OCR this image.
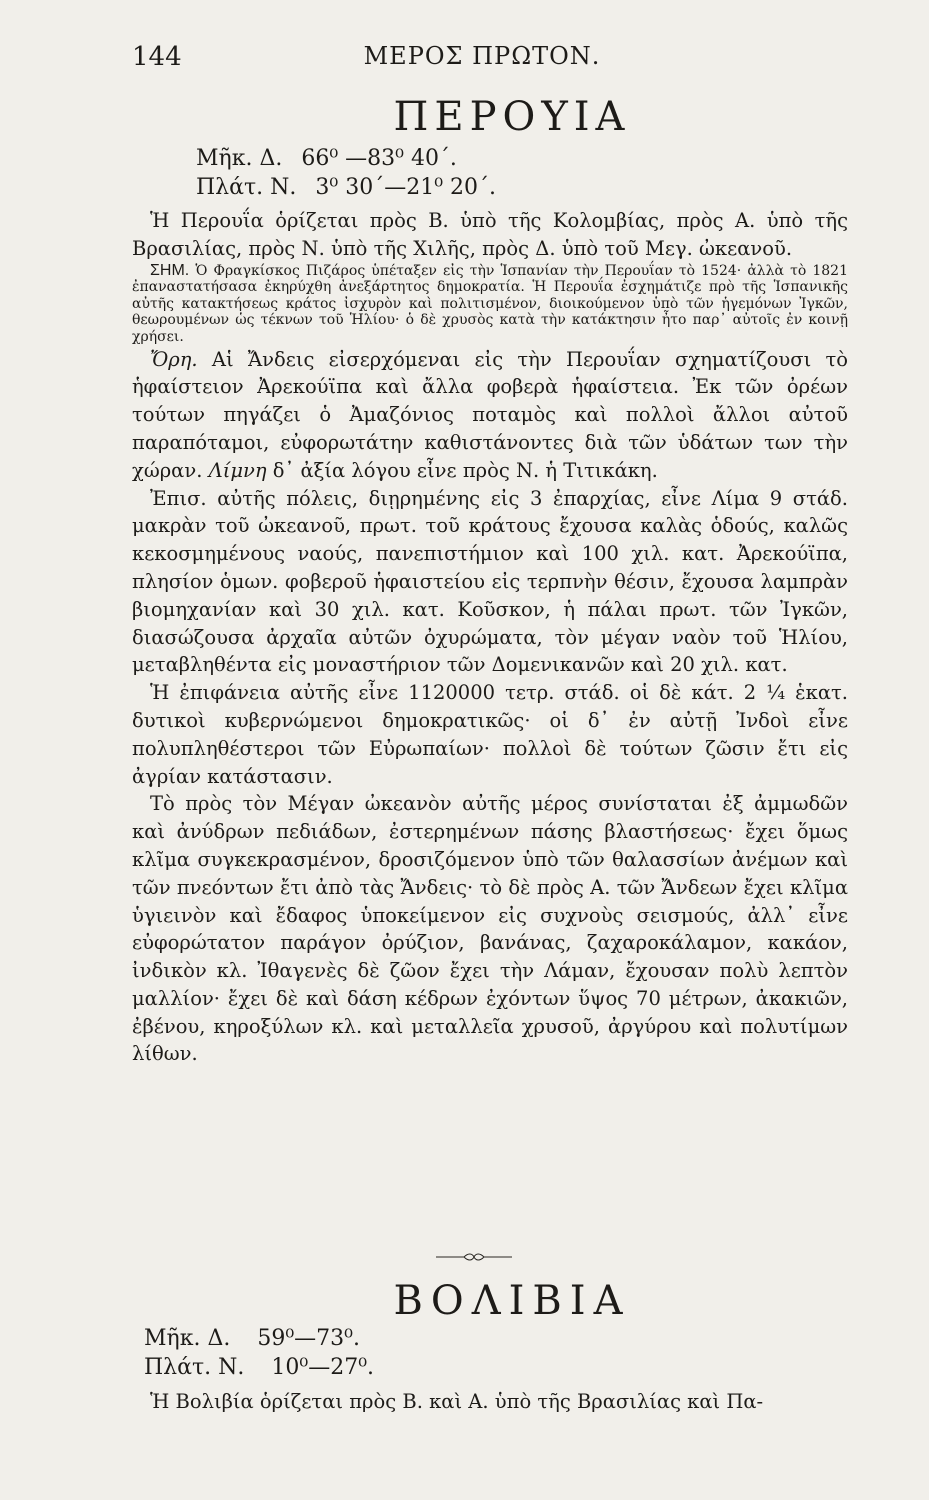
144	ΜΕΡΟΣ ΠΡΩΤΟΝ.
ΠΕΡΟΥΙΑ
Μῆκ. Δ. 66⁰ —83⁰ 40΄.
Πλάτ. Ν. 3⁰ 30΄—21⁰ 20΄.

Ἡ Περουΐα ὁρίζεται πρὸς Β. ὑπὸ τῆς Κολομβίας, πρὸς Α. ὑπὸ τῆς Βρασιλίας, πρὸς Ν. ὑπὸ τῆς Χιλῆς, πρὸς Δ. ὑπὸ τοῦ Μεγ. ὠκεανοῦ.

ΣΗΜ. Ὁ Φραγκίσκος Πιζάρος ὑπέταξεν εἰς τὴν Ἱσπανίαν τὴν Περουΐαν τὸ 1524· ἀλλὰ τὸ 1821 ἐπαναστατήσασα ἐκηρύχθη ἀνεξάρτητος δημοκρατία. Ἡ Περουΐα ἐσχημάτιζε πρὸ τῆς Ἱσπανικῆς αὐτῆς κατακτήσεως κράτος ἰσχυρὸν καὶ πολιτισμένον, διοικούμενον ὑπὸ τῶν ἡγεμόνων Ἰγκῶν, θεωρουμένων ὡς τέκνων τοῦ Ἡλίου· ὁ δὲ χρυσὸς κατὰ τὴν κατάκτησιν ἦτο παρ᾽ αὐτοῖς ἐν κοινῇ χρήσει.

Ὄρη. Αἱ Ἄνδεις εἰσερχόμεναι εἰς τὴν Περουΐαν σχηματίζουσι τὸ ἡφαίστειον Ἀρεκούϊπα καὶ ἄλλα φοβερὰ ἡφαίστεια. Ἐκ τῶν ὀρέων τούτων πηγάζει ὁ Ἀμαζόνιος ποταμὸς καὶ πολλοὶ ἄλλοι αὐτοῦ παραπόταμοι, εὐφορωτάτην καθιστάνοντες διὰ τῶν ὑδάτων των τὴν χώραν. Λίμνη δ᾽ ἀξία λόγου εἶνε πρὸς Ν. ἡ Τιτικάκη.

Ἐπισ. αὐτῆς πόλεις, διῃρημένης εἰς 3 ἐπαρχίας, εἶνε Λίμα 9 στάδ. μακρὰν τοῦ ὠκεανοῦ, πρωτ. τοῦ κράτους ἔχουσα καλὰς ὁδούς, καλῶς κεκοσμημένους ναούς, πανεπιστήμιον καὶ 100 χιλ. κατ. Ἀρεκούϊπα, πλησίον ὁμων. φοβεροῦ ἡφαιστείου εἰς τερπνὴν θέσιν, ἔχουσα λαμπρὰν βιομηχανίαν καὶ 30 χιλ. κατ. Κοῦσκον, ἡ πάλαι πρωτ. τῶν Ἰγκῶν, διασώζουσα ἀρχαῖα αὐτῶν ὀχυρώματα, τὸν μέγαν ναὸν τοῦ Ἡλίου, μεταβληθέντα εἰς μοναστήριον τῶν Δομενικανῶν καὶ 20 χιλ. κατ.

Ἡ ἐπιφάνεια αὐτῆς εἶνε 1120000 τετρ. στάδ. οἱ δὲ κάτ. 2 ¼ ἑκατ. δυτικοὶ κυβερνώμενοι δημοκρατικῶς· οἱ δ᾽ ἐν αὐτῇ Ἰνδοὶ εἶνε πολυπληθέστεροι τῶν Εὐρωπαίων· πολλοὶ δὲ τούτων ζῶσιν ἔτι εἰς ἀγρίαν κατάστασιν.

Τὸ πρὸς τὸν Μέγαν ὠκεανὸν αὐτῆς μέρος συνίσταται ἐξ ἀμμωδῶν καὶ ἀνύδρων πεδιάδων, ἐστερημένων πάσης βλαστήσεως· ἔχει ὅμως κλῖμα συγκεκρασμένον, δροσιζόμενον ὑπὸ τῶν θαλασσίων ἀνέμων καὶ τῶν πνεόντων ἔτι ἀπὸ τὰς Ἄνδεις· τὸ δὲ πρὸς Α. τῶν Ἄνδεων ἔχει κλῖμα ὑγιεινὸν καὶ ἔδαφος ὑποκείμενον εἰς συχνοὺς σεισμούς, ἀλλ᾽ εἶνε εὐφορώτατον παράγον ὀρύζιον, βανάνας, ζαχαροκάλαμον, κακάον, ἰνδικὸν κλ. Ἰθαγενὲς δὲ ζῶον ἔχει τὴν Λάμαν, ἔχουσαν πολὺ λεπτὸν μαλλίον· ἔχει δὲ καὶ δάση κέδρων ἐχόντων ὕψος 70 μέτρων, ἀκακιῶν, ἐβένου, κηροξύλων κλ. καὶ μεταλλεῖα χρυσοῦ, ἀργύρου καὶ πολυτίμων λίθων.

ΒΟΛΙΒΙΑ
Μῆκ. Δ. 59⁰—73⁰.
Πλάτ. Ν. 10⁰—27⁰.

Ἡ Βολιβία ὁρίζεται πρὸς Β. καὶ Α. ὑπὸ τῆς Βρασιλίας καὶ Πα-
